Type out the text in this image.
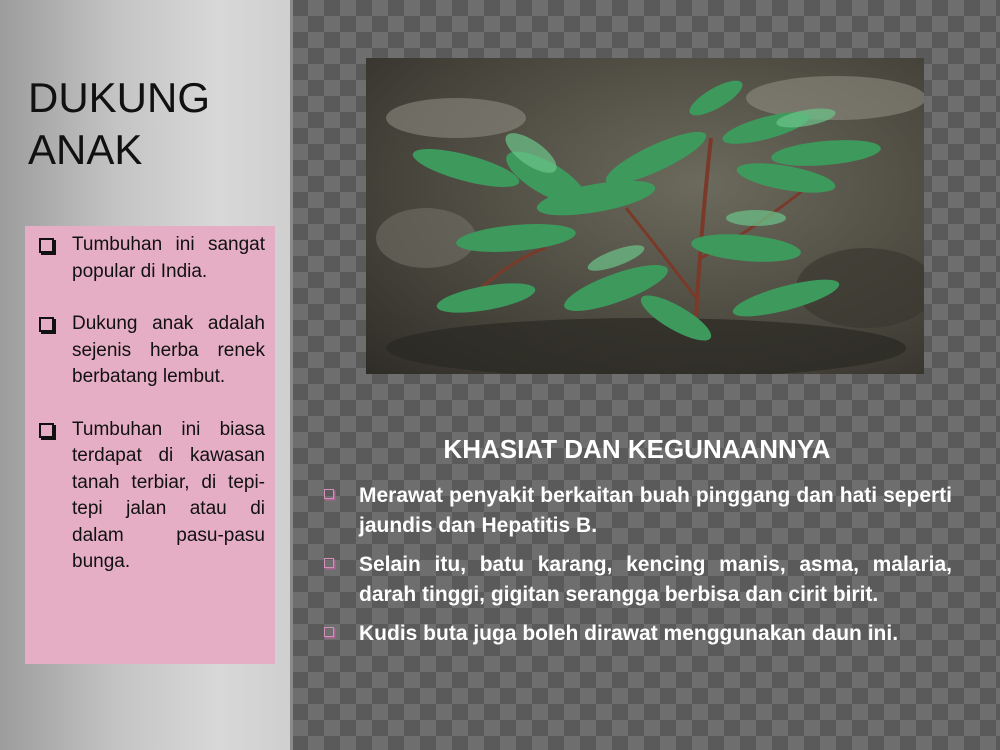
DUKUNG
ANAK
Tumbuhan ini sangat popular di India.
Dukung anak adalah sejenis herba renek berbatang lembut.
Tumbuhan ini biasa terdapat di kawasan tanah terbiar, di tepi-tepi jalan atau di dalam pasu-pasu bunga.
KHASIAT DAN KEGUNAANNYA
Merawat penyakit berkaitan buah pinggang dan hati seperti jaundis dan Hepatitis B.
Selain itu, batu karang, kencing manis, asma, malaria, darah tinggi, gigitan serangga berbisa dan cirit birit.
Kudis buta juga boleh dirawat menggunakan daun ini.
